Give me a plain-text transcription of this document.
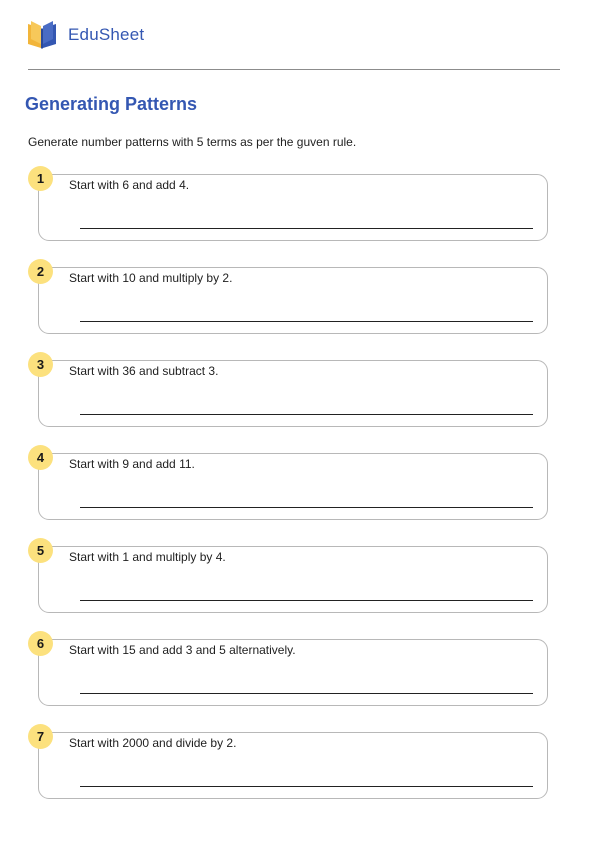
EduSheet
Generating Patterns

Generate number patterns with 5 terms as per the guven rule.

1	Start with 6 and add 4.
2	Start with 10 and multiply by 2.
3	Start with 36 and subtract 3.
4	Start with 9 and add 11.
5	Start with 1 and multiply by 4.
6	Start with 15 and add 3 and 5 alternatively.
7	Start with 2000 and divide by 2.
